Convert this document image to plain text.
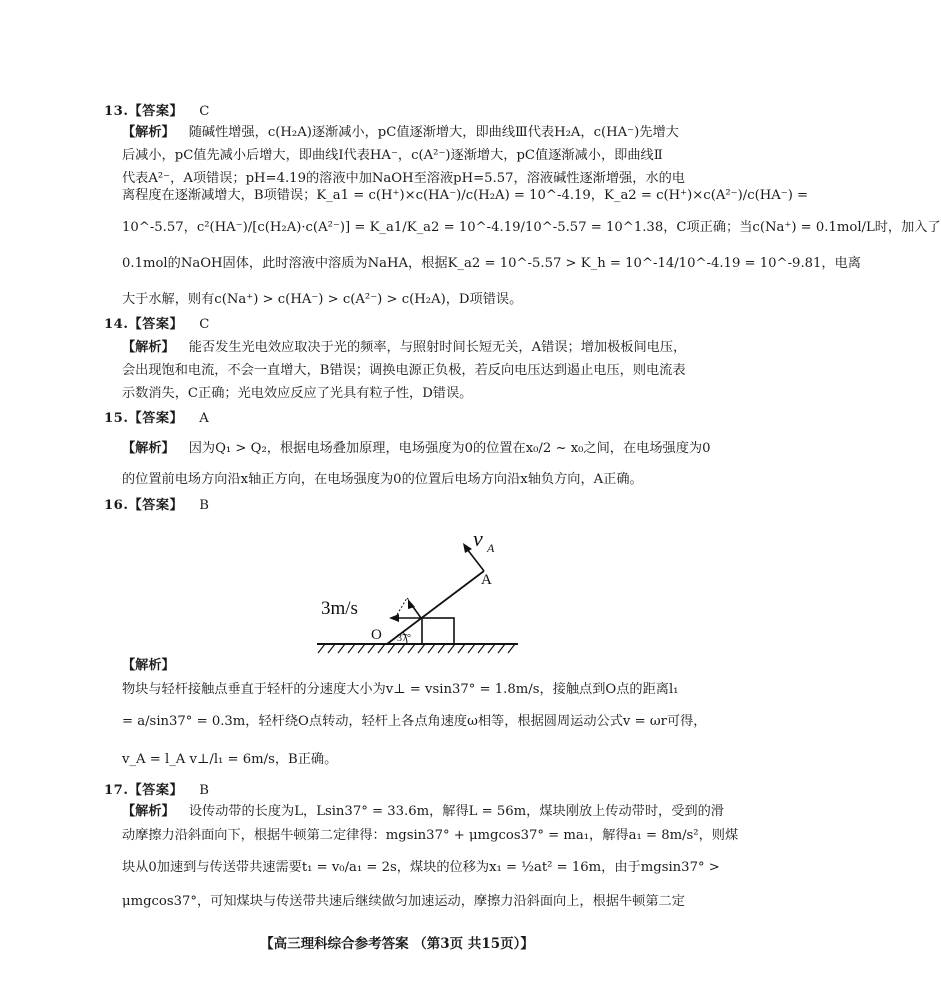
13.【答案】 C
【解析】 随碱性增强，c(H₂A)逐渐减小，pC值逐渐增大，即曲线Ⅲ代表H₂A，c(HA⁻)先增大
后减小，pC值先减小后增大，即曲线Ⅰ代表HA⁻，c(A²⁻)逐渐增大，pC值逐渐减小，即曲线Ⅱ
代表A²⁻，A项错误；pH=4.19的溶液中加NaOH至溶液pH=5.57，溶液碱性逐渐增强，水的电
离程度在逐渐减增大，B项错误；K_a1 = c(H⁺)×c(HA⁻)/c(H₂A) = 10^-4.19，K_a2 = c(H⁺)×c(A²⁻)/c(HA⁻) =
10^-5.57，c²(HA⁻)/[c(H₂A)·c(A²⁻)] = K_a1/K_a2 = 10^-4.19/10^-5.57 = 10^1.38，C项正确；当c(Na⁺) = 0.1mol/L时，加入了
0.1mol的NaOH固体，此时溶液中溶质为NaHA，根据K_a2 = 10^-5.57 > K_h = 10^-14/10^-4.19 = 10^-9.81，电离
大于水解，则有c(Na⁺) > c(HA⁻) > c(A²⁻) > c(H₂A)，D项错误。
14.【答案】 C
【解析】 能否发生光电效应取决于光的频率，与照射时间长短无关，A错误；增加极板间电压，
会出现饱和电流，不会一直增大，B错误；调换电源正负极，若反向电压达到遏止电压，则电流表
示数消失，C正确；光电效应反应了光具有粒子性，D错误。
15.【答案】 A
【解析】 因为Q₁ > Q₂，根据电场叠加原理，电场强度为0的位置在x₀/2 ~ x₀之间，在电场强度为0
的位置前电场方向沿x轴正方向，在电场强度为0的位置后电场方向沿x轴负方向，A正确。
16.【答案】 B
3m/s
O 37°
A
v A
【解析】
物块与轻杆接触点垂直于轻杆的分速度大小为v⊥ = vsin37° = 1.8m/s，接触点到O点的距离l₁
= a/sin37° = 0.3m，轻杆绕O点转动，轻杆上各点角速度ω相等，根据圆周运动公式v = ωr可得，
v_A = l_A v⊥/l₁ = 6m/s，B正确。
17.【答案】 B
【解析】 设传动带的长度为L，Lsin37° = 33.6m，解得L = 56m，煤块刚放上传动带时，受到的滑
动摩擦力沿斜面向下，根据牛顿第二定律得：mgsin37° + μmgcos37° = ma₁，解得a₁ = 8m/s²，则煤
块从0加速到与传送带共速需要t₁ = v₀/a₁ = 2s，煤块的位移为x₁ = ½at² = 16m，由于mgsin37° >
μmgcos37°，可知煤块与传送带共速后继续做匀加速运动，摩擦力沿斜面向上，根据牛顿第二定
【高三理科综合参考答案 （第3页 共15页）】
